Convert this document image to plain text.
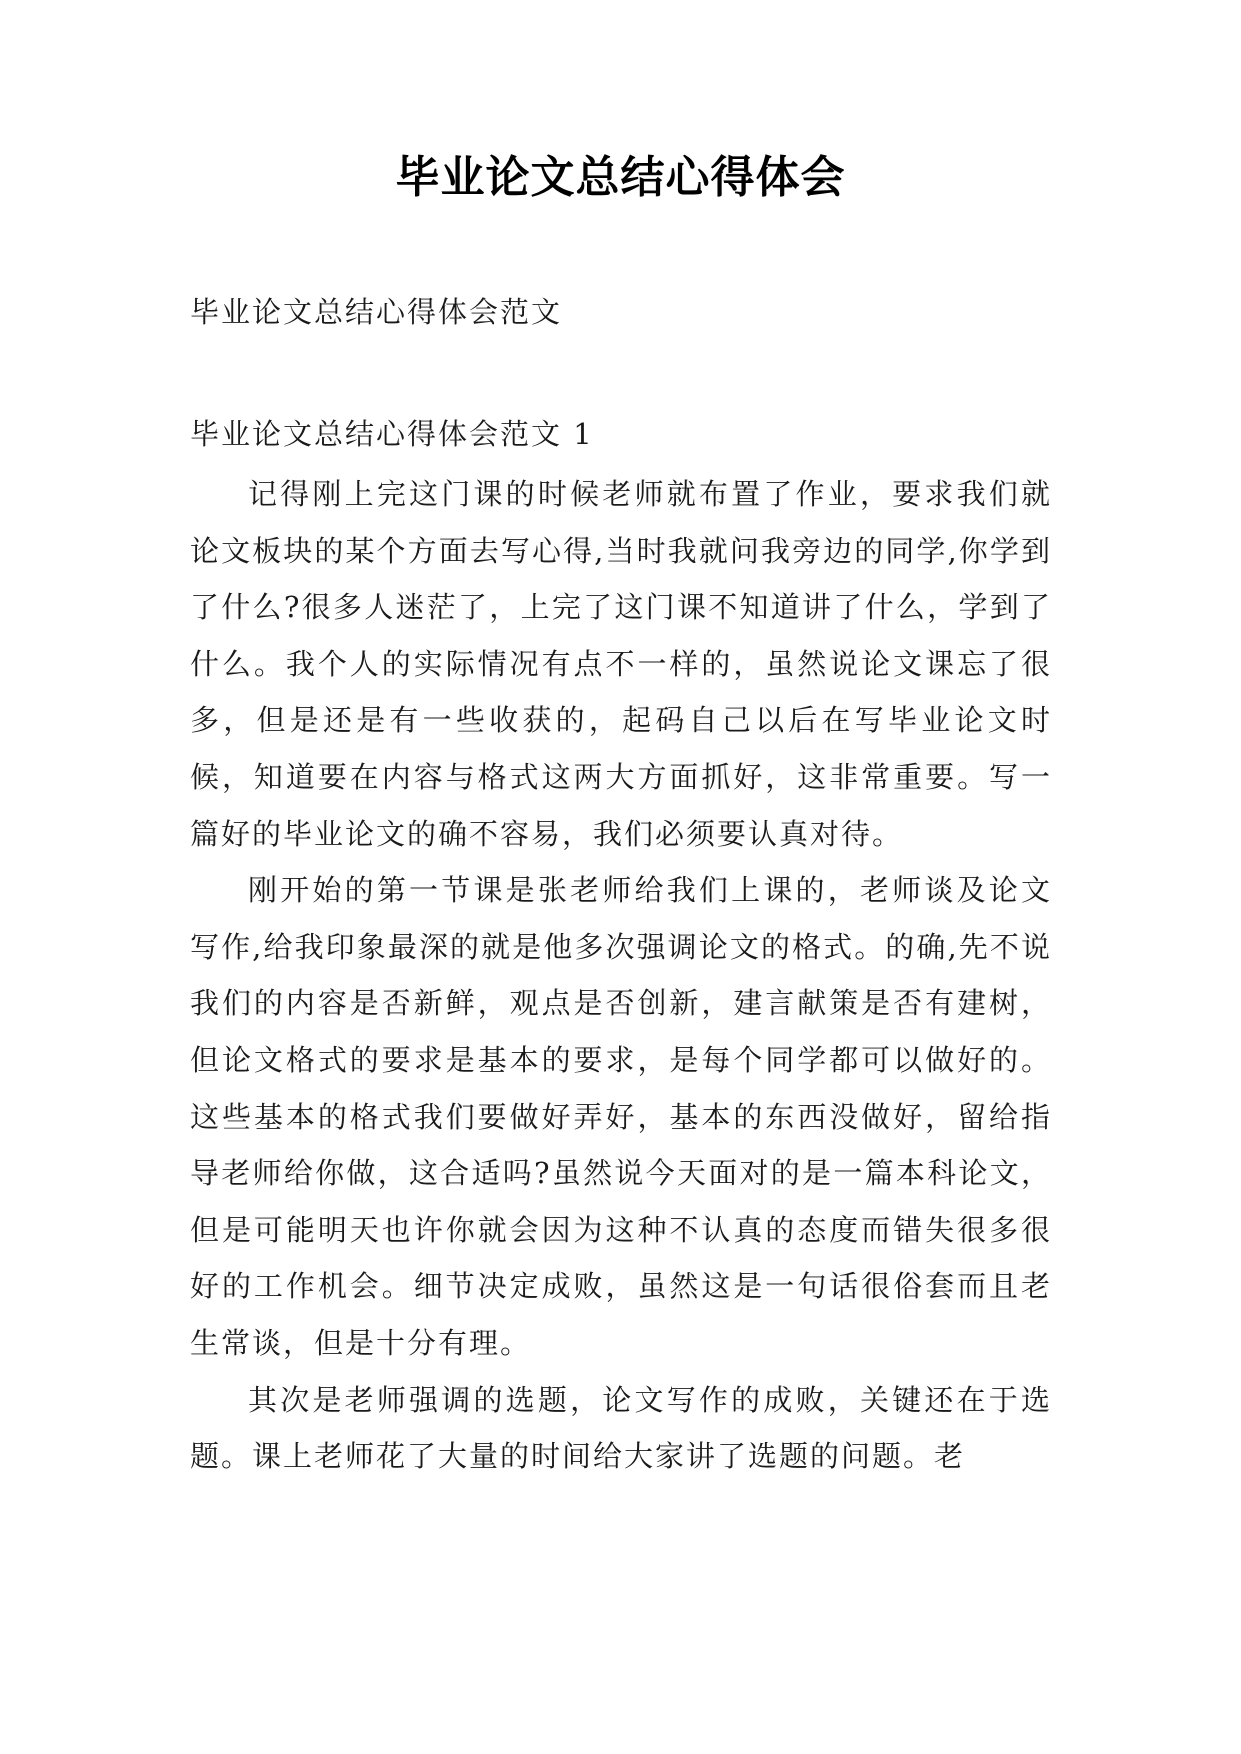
毕业论文总结心得体会
毕业论文总结心得体会范文
毕业论文总结心得体会范文 1

记得刚上完这门课的时候老师就布置了作业，要求我们就论文板块的某个方面去写心得,当时我就问我旁边的同学,你学到了什么?很多人迷茫了，上完了这门课不知道讲了什么，学到了什么。我个人的实际情况有点不一样的，虽然说论文课忘了很多，但是还是有一些收获的，起码自己以后在写毕业论文时候，知道要在内容与格式这两大方面抓好，这非常重要。写一篇好的毕业论文的确不容易，我们必须要认真对待。

刚开始的第一节课是张老师给我们上课的，老师谈及论文写作,给我印象最深的就是他多次强调论文的格式。的确,先不说我们的内容是否新鲜，观点是否创新，建言献策是否有建树，但论文格式的要求是基本的要求，是每个同学都可以做好的。这些基本的格式我们要做好弄好，基本的东西没做好，留给指导老师给你做，这合适吗?虽然说今天面对的是一篇本科论文，但是可能明天也许你就会因为这种不认真的态度而错失很多很好的工作机会。细节决定成败，虽然这是一句话很俗套而且老生常谈，但是十分有理。

其次是老师强调的选题，论文写作的成败，关键还在于选题。课上老师花了大量的时间给大家讲了选题的问题。老
